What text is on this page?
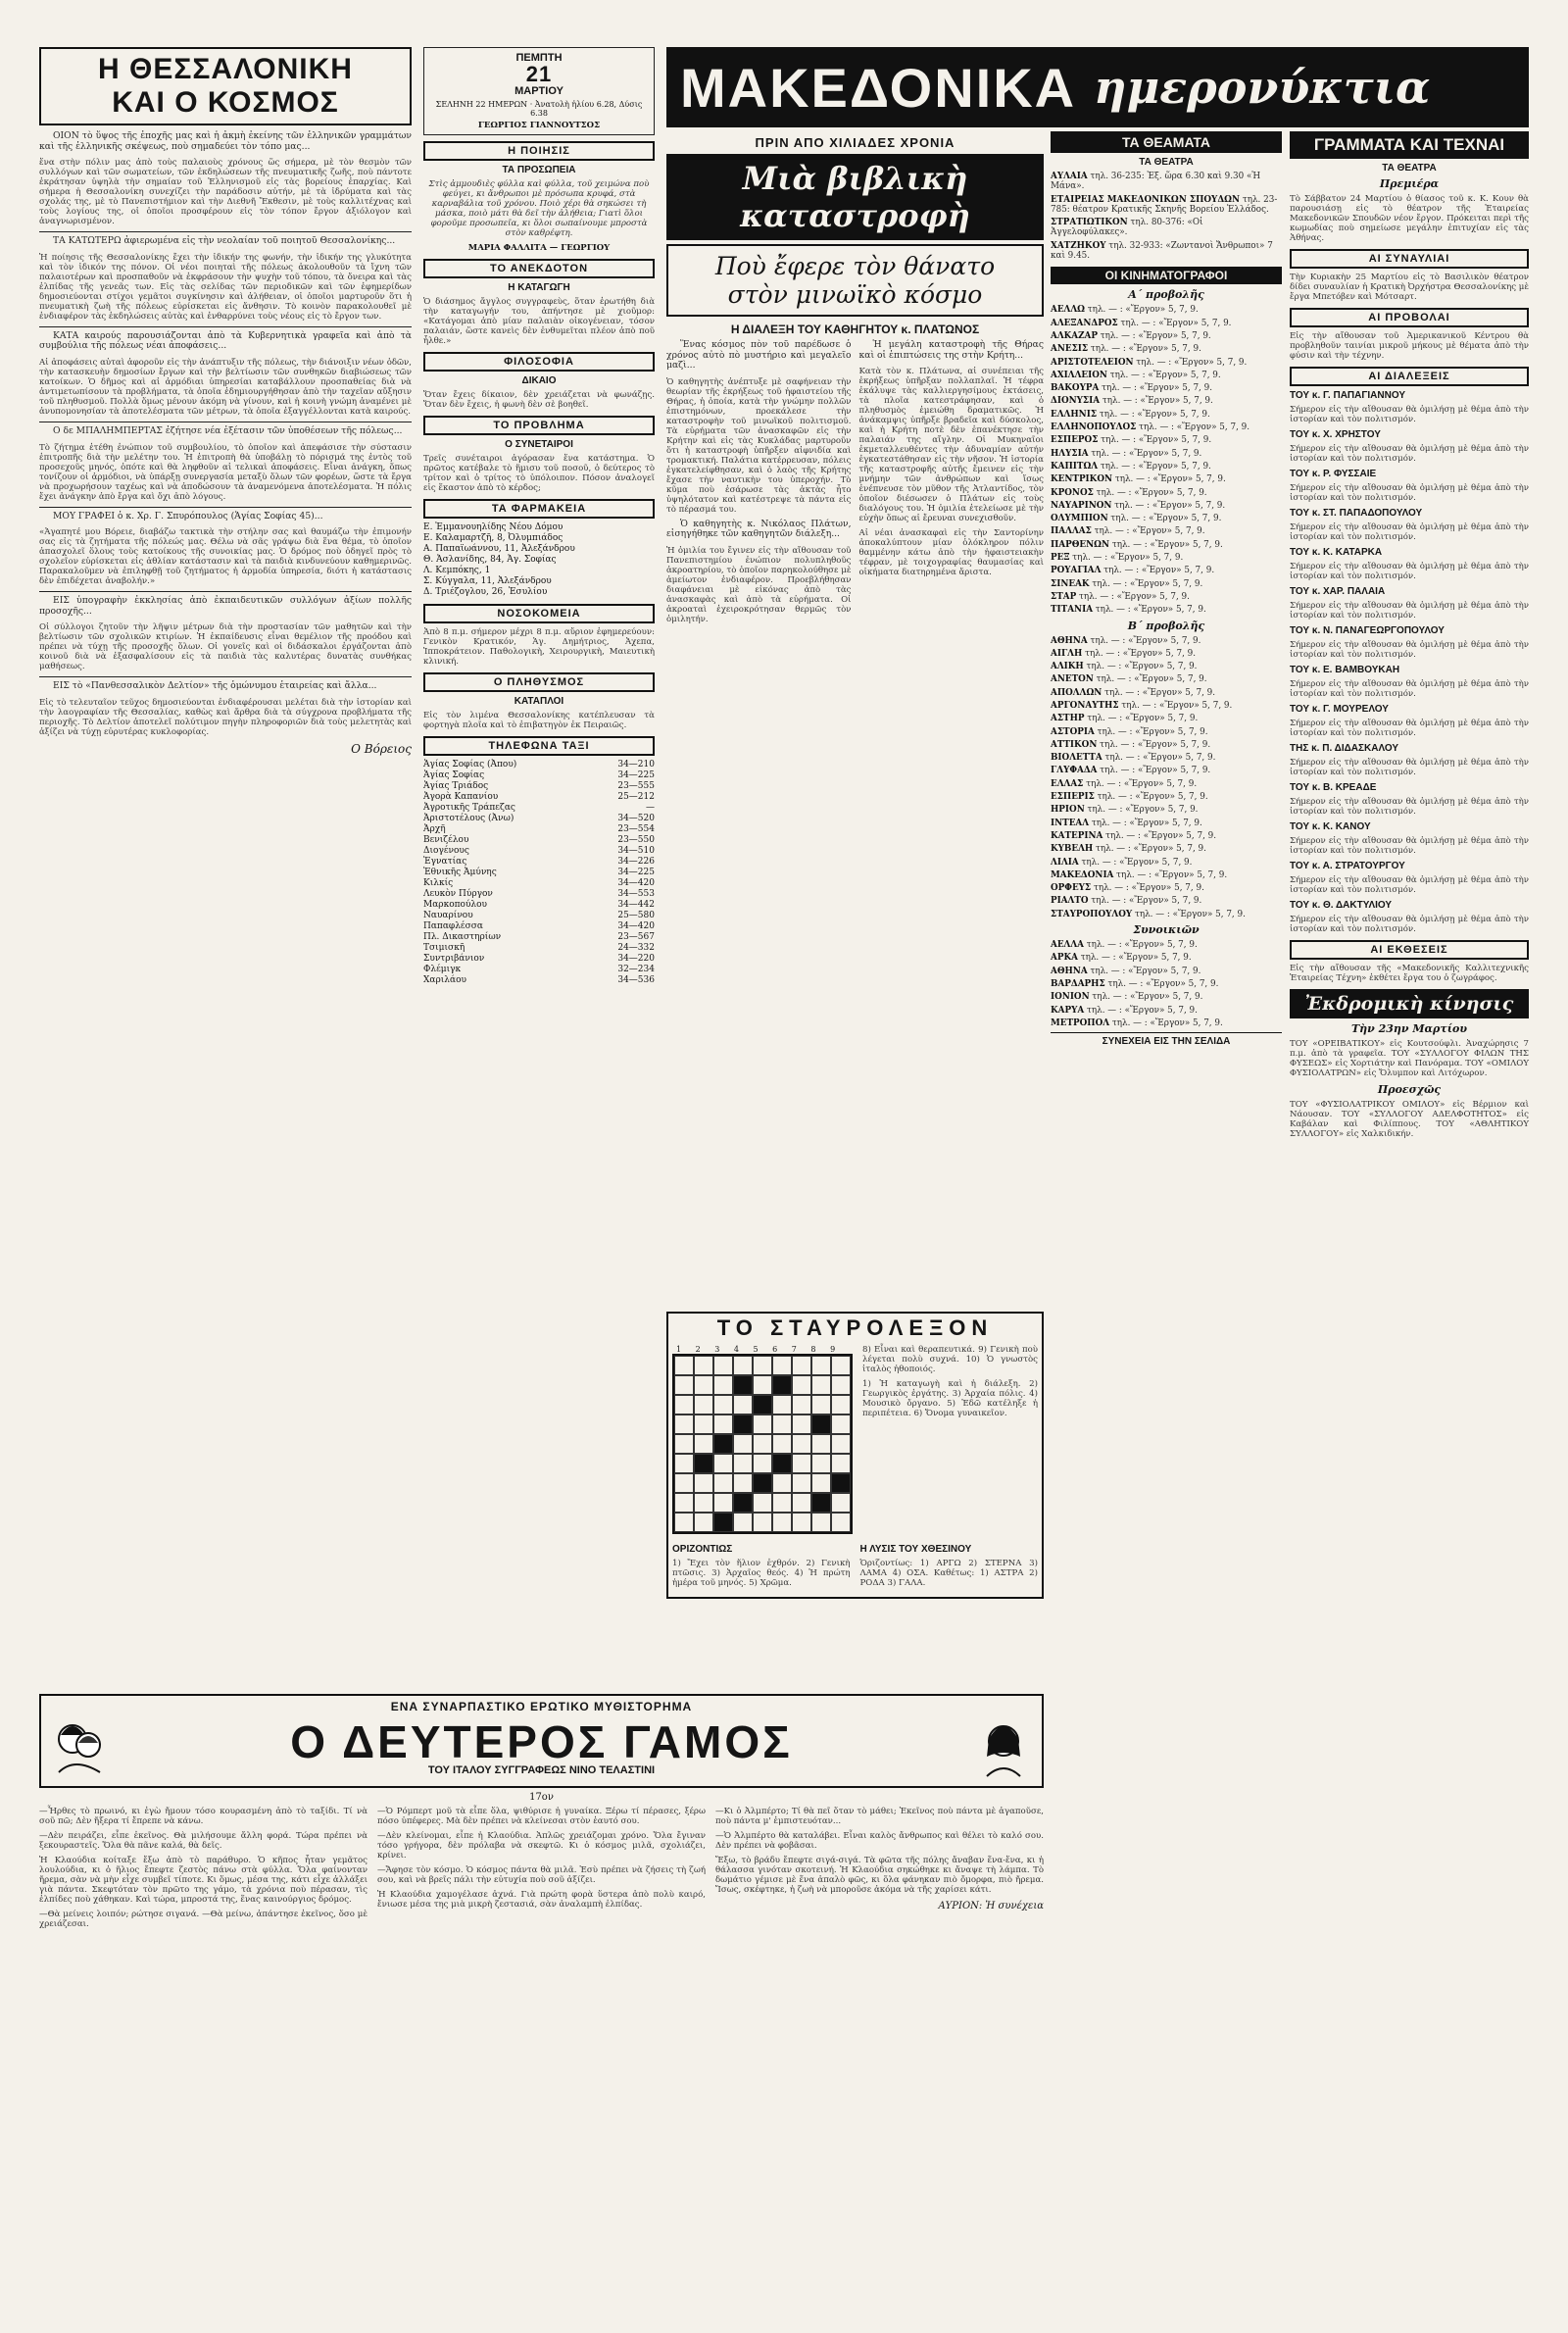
Η ΘΕΣΣΑΛΟΝΙΚΗ
ΚΑΙ Ο ΚΟΣΜΟΣ

ΟΙΟΝ τὸ ὕψος τῆς ἐποχῆς μας καὶ ἡ ἀκμὴ ἐκείνης τῶν ἑλληνικῶν γραμμάτων καὶ τῆς ἑλληνικῆς σκέψεως, ποὺ σημαδεύει τὸν τόπο μας...

ἕνα στὴν πόλιν μας ἀπὸ τοὺς παλαιοὺς χρόνους ὥς σήμερα, μὲ τὸν θεσμὸν τῶν συλλόγων καὶ τῶν σωματείων, τῶν ἐκδηλώσεων τῆς πνευματικῆς ζωῆς, ποὺ πάντοτε ἐκράτησαν ὑψηλὰ τὴν σημαίαν τοῦ Ἑλληνισμοῦ εἰς τὰς βορείους ἐπαρχίας. Καὶ σήμερα ἡ Θεσσαλονίκη συνεχίζει τὴν παράδοσιν αὐτήν, μὲ τὰ ἱδρύματα καὶ τὰς σχολάς της, μὲ τὸ Πανεπιστήμιον καὶ τὴν Διεθνῆ Ἔκθεσιν, μὲ τοὺς καλλιτέχνας καὶ τοὺς λογίους της, οἱ ὁποῖοι προσφέρουν εἰς τὸν τόπον ἔργον ἀξιόλογον καὶ ἀναγνωρισμένον.

ΤΑ ΚΑΤΩΤΕΡΩ ἀφιερωμένα εἰς τὴν νεολαίαν τοῦ ποιητοῦ Θεσσαλονίκης...

Ἡ ποίησις τῆς Θεσσαλονίκης ἔχει τὴν ἰδικήν της φωνήν, τὴν ἰδικήν της γλυκύτητα καὶ τὸν ἰδικόν της πόνον. Οἱ νέοι ποιηταὶ τῆς πόλεως ἀκολουθοῦν τὰ ἴχνη τῶν παλαιοτέρων καὶ προσπαθοῦν νὰ ἐκφράσουν τὴν ψυχὴν τοῦ τόπου, τὰ ὄνειρα καὶ τὰς ἐλπίδας τῆς γενεᾶς των. Εἰς τὰς σελίδας τῶν περιοδικῶν καὶ τῶν ἐφημερίδων δημοσιεύονται στίχοι γεμᾶτοι συγκίνησιν καὶ ἀλήθειαν, οἱ ὁποῖοι μαρτυροῦν ὅτι ἡ πνευματικὴ ζωὴ τῆς πόλεως εὑρίσκεται εἰς ἄνθησιν. Τὸ κοινὸν παρακολουθεῖ μὲ ἐνδιαφέρον τὰς ἐκδηλώσεις αὐτὰς καὶ ἐνθαρρύνει τοὺς νέους εἰς τὸ ἔργον των.

ΚΑΤΑ καιρούς παρουσιάζονται ἀπὸ τὰ Κυβερνητικὰ γραφεῖα καὶ ἀπὸ τὰ συμβούλια τῆς πόλεως νέαι ἀποφάσεις...

Αἱ ἀποφάσεις αὐταὶ ἀφοροῦν εἰς τὴν ἀνάπτυξιν τῆς πόλεως, τὴν διάνοιξιν νέων ὁδῶν, τὴν κατασκευὴν δημοσίων ἔργων καὶ τὴν βελτίωσιν τῶν συνθηκῶν διαβιώσεως τῶν κατοίκων. Ὁ δῆμος καὶ αἱ ἀρμόδιαι ὑπηρεσίαι καταβάλλουν προσπαθείας διὰ νὰ ἀντιμετωπίσουν τὰ προβλήματα, τὰ ὁποῖα ἐδημιουργήθησαν ἀπὸ τὴν ταχεῖαν αὔξησιν τοῦ πληθυσμοῦ. Πολλὰ ὅμως μένουν ἀκόμη νὰ γίνουν, καὶ ἡ κοινὴ γνώμη ἀναμένει μὲ ἀνυπομονησίαν τὰ ἀποτελέσματα τῶν μέτρων, τὰ ὁποῖα ἐξαγγέλλονται κατὰ καιρούς.

Ο δε ΜΠΑΛΗΜΠΕΡΤΑΣ ἐζήτησε νέα ἐξέτασιν τῶν ὑποθέσεων τῆς πόλεως...

Τὸ ζήτημα ἐτέθη ἐνώπιον τοῦ συμβουλίου, τὸ ὁποῖον καὶ ἀπεφάσισε τὴν σύστασιν ἐπιτροπῆς διὰ τὴν μελέτην του. Ἡ ἐπιτροπὴ θὰ ὑποβάλῃ τὸ πόρισμά της ἐντὸς τοῦ προσεχοῦς μηνός, ὁπότε καὶ θὰ ληφθοῦν αἱ τελικαὶ ἀποφάσεις. Εἶναι ἀνάγκη, ὅπως τονίζουν οἱ ἁρμόδιοι, νὰ ὑπάρξῃ συνεργασία μεταξὺ ὅλων τῶν φορέων, ὥστε τὰ ἔργα νὰ προχωρήσουν ταχέως καὶ νὰ ἀποδώσουν τὰ ἀναμενόμενα ἀποτελέσματα. Ἡ πόλις ἔχει ἀνάγκην ἀπὸ ἔργα καὶ ὄχι ἀπὸ λόγους.

ΜΟΥ ΓΡΑΦΕΙ ὁ κ. Χρ. Γ. Σπυρόπουλος (Ἁγίας Σοφίας 45)...

«Ἀγαπητέ μου Βόρειε, διαβάζω τακτικὰ τὴν στήλην σας καὶ θαυμάζω τὴν ἐπιμονήν σας εἰς τὰ ζητήματα τῆς πόλεώς μας. Θέλω νὰ σᾶς γράψω διὰ ἕνα θέμα, τὸ ὁποῖον ἀπασχολεῖ ὅλους τοὺς κατοίκους τῆς συνοικίας μας. Ὁ δρόμος ποὺ ὁδηγεῖ πρὸς τὸ σχολεῖον εὑρίσκεται εἰς ἀθλίαν κατάστασιν καὶ τὰ παιδιὰ κινδυνεύουν καθημερινῶς. Παρακαλοῦμεν νὰ ἐπιληφθῇ τοῦ ζητήματος ἡ ἁρμοδία ὑπηρεσία, διότι ἡ κατάστασις δὲν ἐπιδέχεται ἀναβολήν.»

ΕΙΣ ὑπογραφὴν ἐκκλησίας ἀπὸ ἐκπαιδευτικῶν συλλόγων ἀξίων πολλῆς προσοχῆς...

Οἱ σύλλογοι ζητοῦν τὴν λῆψιν μέτρων διὰ τὴν προστασίαν τῶν μαθητῶν καὶ τὴν βελτίωσιν τῶν σχολικῶν κτιρίων. Ἡ ἐκπαίδευσις εἶναι θεμέλιον τῆς προόδου καὶ πρέπει νὰ τύχῃ τῆς προσοχῆς ὅλων. Οἱ γονεῖς καὶ οἱ διδάσκαλοι ἐργάζονται ἀπὸ κοινοῦ διὰ νὰ ἐξασφαλίσουν εἰς τὰ παιδιὰ τὰς καλυτέρας δυνατὰς συνθήκας μαθήσεως.

ΕΙΣ τὸ «Πανθεσσαλικὸν Δελτίον» τῆς ὁμώνυμου ἑταιρείας καὶ ἄλλα...

Εἰς τὸ τελευταῖον τεῦχος δημοσιεύονται ἐνδιαφέρουσαι μελέται διὰ τὴν ἱστορίαν καὶ τὴν λαογραφίαν τῆς Θεσσαλίας, καθὼς καὶ ἄρθρα διὰ τὰ σύγχρονα προβλήματα τῆς περιοχῆς. Τὸ Δελτίον ἀποτελεῖ πολύτιμον πηγὴν πληροφοριῶν διὰ τοὺς μελετητὰς καὶ ἀξίζει νὰ τύχῃ εὐρυτέρας κυκλοφορίας.

Ο Βόρειος
ΠΕΜΠΤΗ
21
ΜΑΡΤΙΟΥ
ΣΕΛΗΝΗ 22 ΗΜΕΡΩΝ · Ἀνατολὴ ἡλίου 6.28, Δύσις 6.38
ΓΕΩΡΓΙΟΣ ΓΙΑΝΝΟΥΤΣΟΣ
Η ΠΟΙΗΣΙΣ
ΤΑ ΠΡΟΣΩΠΕΙΑ

Στὶς ἀμμουδιὲς φύλλα καὶ φύλλα, τοῦ χειμώνα ποὺ φεύγει, κι ἄνθρωποι μὲ πρόσωπα κρυφά, στὰ καρναβάλια τοῦ χρόνου. Ποιὸ χέρι θὰ σηκώσει τὴ μάσκα, ποιὸ μάτι θὰ δεῖ τὴν ἀλήθεια; Γιατὶ ὅλοι φοροῦμε προσωπεῖα, κι ὅλοι σωπαίνουμε μπροστὰ στὸν καθρέφτη.

ΜΑΡΙΑ ΦΑΛΛΙΤΑ — ΓΕΩΡΓΙΟΥ
ΤΟ ΑΝΕΚΔΟΤΟΝ
Η ΚΑΤΑΓΩΓΗ

Ὁ διάσημος ἄγγλος συγγραφεὺς, ὅταν ἐρωτήθη διὰ τὴν καταγωγήν του, ἀπήντησε μὲ χιοῦμορ: «Κατάγομαι ἀπὸ μίαν παλαιὰν οἰκογένειαν, τόσον παλαιάν, ὥστε κανεὶς δὲν ἐνθυμεῖται πλέον ἀπὸ ποῦ ἦλθε.»

ΦΙΛΟΣΟΦΙΑ
ΔΙΚΑΙΟ

Ὅταν ἔχεις δίκαιον, δὲν χρειάζεται νὰ φωνάζῃς. Ὅταν δὲν ἔχεις, ἡ φωνὴ δὲν σὲ βοηθεῖ.

ΤΟ ΠΡΟΒΛΗΜΑ
Ο ΣΥΝΕΤΑΙΡΟΙ

Τρεῖς συνέταιροι ἀγόρασαν ἕνα κατάστημα. Ὁ πρῶτος κατέβαλε τὸ ἥμισυ τοῦ ποσοῦ, ὁ δεύτερος τὸ τρίτον καὶ ὁ τρίτος τὸ ὑπόλοιπον. Πόσον ἀναλογεῖ εἰς ἕκαστον ἀπὸ τὸ κέρδος;

ΤΑ ΦΑΡΜΑΚΕΙΑ
Ε. Ἐμμανουηλίδης Νέου Δόμου
Ε. Καλαμαρτζῆ, 8, Ὀλυμπιάδος
Α. Παπαϊωάννου, 11, Ἀλεξάνδρου
Θ. Ἀσλανίδης, 84, Ἀγ. Σοφίας
Λ. Κεμπόκης, 1
Σ. Κύγγαλα, 11, Ἀλεξάνδρου
Δ. Τριέζογλου, 26, Ἐσυλίου
ΝΟΣΟΚΟΜΕΙΑ

Ἀπὸ 8 π.μ. σήμερον μέχρι 8 π.μ. αὔριον ἐφημερεύουν: Γενικὸν Κρατικόν, Ἁγ. Δημήτριος, Ἀχεπα, Ἱπποκράτειον. Παθολογικὴ, Χειρουργικὴ, Μαιευτικὴ κλινική.

Ο ΠΛΗΘΥΣΜΟΣ
ΚΑΤΑΠΛΟΙ

Εἰς τὸν λιμένα Θεσσαλονίκης κατέπλευσαν τὰ φορτηγὰ πλοῖα καὶ τὸ ἐπιβατηγὸν ἐκ Πειραιῶς.

ΤΗΛΕΦΩΝΑ ΤΑΞΙ
Ἁγίας Σοφίας (Ἀπου)	34—210
Ἁγίας Σοφίας	34—225
Ἁγίας Τριάδος	23—555
Ἀγορὰ Καπανίου	25—212
Ἀγροτικῆς Τράπεζας	—
Ἀριστοτέλους (Ἀνω)	34—520
Ἀρχῆ	23—554
Βενιζέλου	23—550
Διογένους	34—510
Ἐγνατίας	34—226
Ἐθνικῆς Ἀμύνης	34—225
Κιλκίς	34—420
Λευκὸν Πύργον	34—553
Μαρκοπούλου	34—442
Ναυαρίνου	25—580
Παπαφλέσσα	34—420
Πλ. Δικαστηρίων	23—567
Τσιμισκῆ	24—332
Συντριβάνιον	34—220
Φλέμιγκ	32—234
Χαριλάου	34—536
ΜΑΚΕΔΟΝΙΚΑ ημερονύκτια
ΠΡΙΝ ΑΠΟ ΧΙΛΙΑΔΕΣ ΧΡΟΝΙΑ
Μιὰ βιβλικὴ καταστροφὴ
Ποὺ ἔφερε τὸν θάνατο
στὸν μινωϊκὸ κόσμο
Η ΔΙΑΛΕΞΗ ΤΟΥ ΚΑΘΗΓΗΤΟΥ κ. ΠΛΑΤΩΝΟΣ

Ἕνας κόσμος πὸν τοῦ παρέδωσε ὁ χρόνος αὐτὸ πὸ μυστήριο καὶ μεγαλεῖο μαζὶ...

Ὁ καθηγητὴς ἀνέπτυξε μὲ σαφήνειαν τὴν θεωρίαν τῆς ἐκρήξεως τοῦ ἡφαιστείου τῆς Θήρας, ἡ ὁποία, κατὰ τὴν γνώμην πολλῶν ἐπιστημόνων, προεκάλεσε τὴν καταστροφὴν τοῦ μινωϊκοῦ πολιτισμοῦ. Τὰ εὑρήματα τῶν ἀνασκαφῶν εἰς τὴν Κρήτην καὶ εἰς τὰς Κυκλάδας μαρτυροῦν ὅτι ἡ καταστροφὴ ὑπῆρξεν αἰφνιδία καὶ τρομακτική. Παλάτια κατέρρευσαν, πόλεις ἐγκατελείφθησαν, καὶ ὁ λαὸς τῆς Κρήτης ἔχασε τὴν ναυτικὴν του ὑπεροχήν. Τὸ κῦμα ποὺ ἐσάρωσε τὰς ἀκτὰς ἦτο ὑψηλότατον καὶ κατέστρεψε τὰ πάντα εἰς τὸ πέρασμά του.

Ὁ καθηγητὴς κ. Νικόλαος Πλάτων, εἰσηγήθηκε τῶν καθηγητῶν διάλεξη...

Ἡ ὁμιλία του ἔγινεν εἰς τὴν αἴθουσαν τοῦ Πανεπιστημίου ἐνώπιον πολυπληθοῦς ἀκροατηρίου, τὸ ὁποῖον παρηκολούθησε μὲ ἀμείωτον ἐνδιαφέρον. Προεβλήθησαν διαφάνειαι μὲ εἰκόνας ἀπὸ τὰς ἀνασκαφὰς καὶ ἀπὸ τὰ εὑρήματα. Οἱ ἀκροαταὶ ἐχειροκρότησαν θερμῶς τὸν ὁμιλητήν.

Ἡ μεγάλη καταστροφὴ τῆς Θήρας καὶ οἱ ἐπιπτώσεις της στὴν Κρήτη...

Κατὰ τὸν κ. Πλάτωνα, αἱ συνέπειαι τῆς ἐκρήξεως ὑπῆρξαν πολλαπλαῖ. Ἡ τέφρα ἐκάλυψε τὰς καλλιεργησίμους ἐκτάσεις, τὰ πλοῖα κατεστράφησαν, καὶ ὁ πληθυσμὸς ἐμειώθη δραματικῶς. Ἡ ἀνάκαμψις ὑπῆρξε βραδεῖα καὶ δύσκολος, καὶ ἡ Κρήτη ποτὲ δὲν ἐπανέκτησε τὴν παλαιάν της αἴγλην. Οἱ Μυκηναῖοι ἐκμεταλλευθέντες τὴν ἀδυναμίαν αὐτήν ἐγκατεστάθησαν εἰς τὴν νῆσον. Ἡ ἱστορία τῆς καταστροφῆς αὐτῆς ἔμεινεν εἰς τὴν μνήμην τῶν ἀνθρώπων καὶ ἴσως ἐνέπνευσε τὸν μῦθον τῆς Ἀτλαντίδος, τὸν ὁποῖον διέσωσεν ὁ Πλάτων εἰς τοὺς διαλόγους του. Ἡ ὁμιλία ἐτελείωσε μὲ τὴν εὐχὴν ὅπως αἱ ἔρευναι συνεχισθοῦν.

Αἱ νέαι ἀνασκαφαὶ εἰς τὴν Σαντορίνην ἀποκαλύπτουν μίαν ὁλόκληρον πόλιν θαμμένην κάτω ἀπὸ τὴν ἡφαιστειακὴν τέφραν, μὲ τοιχογραφίας θαυμασίας καὶ οἰκήματα διατηρημένα ἄριστα.

ΤΟ ΣΤΑΥΡΟΛΕΞΟΝ
1 2 3 4 5 6 7 8 9	8) Εἶναι καὶ θεραπευτικά. 9) Γενικὴ ποὺ λέγεται πολὺ συχνά. 10) Ὁ γνωστὸς ἰταλὸς ἠθοποιός.

1) Ἡ καταγωγὴ καὶ ἡ διάλεξη. 2) Γεωργικὸς ἐργάτης. 3) Ἀρχαία πόλις. 4) Μουσικὸ ὄργανο. 5) Ἐδῶ κατέληξε ἡ περιπέτεια. 6) Ὄνομα γυναικεῖον.

ΟΡΙΖΟΝΤΙΩΣ

1) Ἔχει τὸν ἥλιον ἐχθρόν. 2) Γενικὴ πτῶσις. 3) Ἀρχαῖος θεός. 4) Ἡ πρώτη ἡμέρα τοῦ μηνός. 5) Χρῶμα.

Η ΛΥΣΙΣ ΤΟΥ ΧΘΕΣΙΝΟΥ

Ὁριζοντίως: 1) ΑΡΓΩ 2) ΣΤΕΡΝΑ 3) ΛΑΜΑ 4) ΟΣΑ. Καθέτως: 1) ΑΣΤΡΑ 2) ΡΟΔΑ 3) ΓΑΛΑ.

ΤΑ ΘΕΑΜΑΤΑ
ΤΑ ΘΕΑΤΡΑ

ΑΥΛΑΙΑ τηλ. 36-235: Ἐξ. ὥρα 6.30 καὶ 9.30 «Ἡ Μάνα».

ΕΤΑΙΡΕΙΑΣ ΜΑΚΕΔΟΝΙΚΩΝ ΣΠΟΥΔΩΝ τηλ. 23-785: θέατρον Κρατικῆς Σκηνῆς Βορείου Ἑλλάδος.

ΣΤΡΑΤΙΩΤΙΚΟΝ τηλ. 80-376: «Οἱ Ἀγγελοφύλακες».

ΧΑΤΖΗΚΟΥ τηλ. 32-933: «Ζωντανοὶ Ἄνθρωποι» 7 καὶ 9.45.

ΟΙ ΚΙΝΗΜΑΤΟΓΡΑΦΟΙ
Α΄ προβολῆς

ΑΕΛΛΩ τηλ. — : «Ἔργον» 5, 7, 9.

ΑΛΕΞΑΝΔΡΟΣ τηλ. — : «Ἔργον» 5, 7, 9.

ΑΛΚΑΖΑΡ τηλ. — : «Ἔργον» 5, 7, 9.

ΑΝΕΣΙΣ τηλ. — : «Ἔργον» 5, 7, 9.

ΑΡΙΣΤΟΤΕΛΕΙΟΝ τηλ. — : «Ἔργον» 5, 7, 9.

ΑΧΙΛΛΕΙΟΝ τηλ. — : «Ἔργον» 5, 7, 9.

ΒΑΚΟΥΡΑ τηλ. — : «Ἔργον» 5, 7, 9.

ΔΙΟΝΥΣΙΑ τηλ. — : «Ἔργον» 5, 7, 9.

ΕΛΛΗΝΙΣ τηλ. — : «Ἔργον» 5, 7, 9.

ΕΛΛΗΝΟΠΟΥΛΟΣ τηλ. — : «Ἔργον» 5, 7, 9.

ΕΣΠΕΡΟΣ τηλ. — : «Ἔργον» 5, 7, 9.

ΗΛΥΣΙΑ τηλ. — : «Ἔργον» 5, 7, 9.

ΚΑΠΙΤΩΛ τηλ. — : «Ἔργον» 5, 7, 9.

ΚΕΝΤΡΙΚΟΝ τηλ. — : «Ἔργον» 5, 7, 9.

ΚΡΟΝΟΣ τηλ. — : «Ἔργον» 5, 7, 9.

ΝΑΥΑΡΙΝΟΝ τηλ. — : «Ἔργον» 5, 7, 9.

ΟΛΥΜΠΙΟΝ τηλ. — : «Ἔργον» 5, 7, 9.

ΠΑΛΛΑΣ τηλ. — : «Ἔργον» 5, 7, 9.

ΠΑΡΘΕΝΩΝ τηλ. — : «Ἔργον» 5, 7, 9.

ΡΕΞ τηλ. — : «Ἔργον» 5, 7, 9.

ΡΟΥΑΓΙΑΛ τηλ. — : «Ἔργον» 5, 7, 9.

ΣΙΝΕΑΚ τηλ. — : «Ἔργον» 5, 7, 9.

ΣΤΑΡ τηλ. — : «Ἔργον» 5, 7, 9.

ΤΙΤΑΝΙΑ τηλ. — : «Ἔργον» 5, 7, 9.

Β΄ προβολῆς

ΑΘΗΝΑ τηλ. — : «Ἔργον» 5, 7, 9.

ΑΙΓΛΗ τηλ. — : «Ἔργον» 5, 7, 9.

ΑΛΙΚΗ τηλ. — : «Ἔργον» 5, 7, 9.

ΑΝΕΤΟΝ τηλ. — : «Ἔργον» 5, 7, 9.

ΑΠΟΛΛΩΝ τηλ. — : «Ἔργον» 5, 7, 9.

ΑΡΓΟΝΑΥΤΗΣ τηλ. — : «Ἔργον» 5, 7, 9.

ΑΣΤΗΡ τηλ. — : «Ἔργον» 5, 7, 9.

ΑΣΤΟΡΙΑ τηλ. — : «Ἔργον» 5, 7, 9.

ΑΤΤΙΚΟΝ τηλ. — : «Ἔργον» 5, 7, 9.

ΒΙΟΛΕΤΤΑ τηλ. — : «Ἔργον» 5, 7, 9.

ΓΛΥΦΑΔΑ τηλ. — : «Ἔργον» 5, 7, 9.

ΕΛΛΑΣ τηλ. — : «Ἔργον» 5, 7, 9.

ΕΣΠΕΡΙΣ τηλ. — : «Ἔργον» 5, 7, 9.

ΗΡΙΟΝ τηλ. — : «Ἔργον» 5, 7, 9.

ΙΝΤΕΑΛ τηλ. — : «Ἔργον» 5, 7, 9.

ΚΑΤΕΡΙΝΑ τηλ. — : «Ἔργον» 5, 7, 9.

ΚΥΒΕΛΗ τηλ. — : «Ἔργον» 5, 7, 9.

ΛΙΛΙΑ τηλ. — : «Ἔργον» 5, 7, 9.

ΜΑΚΕΔΟΝΙΑ τηλ. — : «Ἔργον» 5, 7, 9.

ΟΡΦΕΥΣ τηλ. — : «Ἔργον» 5, 7, 9.

ΡΙΑΛΤΟ τηλ. — : «Ἔργον» 5, 7, 9.

ΣΤΑΥΡΟΠΟΥΛΟΥ τηλ. — : «Ἔργον» 5, 7, 9.

Συνοικιῶν

ΑΕΛΛΑ τηλ. — : «Ἔργον» 5, 7, 9.

ΑΡΚΑ τηλ. — : «Ἔργον» 5, 7, 9.

ΑΘΗΝΑ τηλ. — : «Ἔργον» 5, 7, 9.

ΒΑΡΔΑΡΗΣ τηλ. — : «Ἔργον» 5, 7, 9.

ΙΟΝΙΟΝ τηλ. — : «Ἔργον» 5, 7, 9.

ΚΑΡΥΑ τηλ. — : «Ἔργον» 5, 7, 9.

ΜΕΤΡΟΠΟΛ τηλ. — : «Ἔργον» 5, 7, 9.

ΣΥΝΕΧΕΙΑ ΕΙΣ ΤΗΝ ΣΕΛΙΔΑ
ΓΡΑΜΜΑΤΑ ΚΑΙ ΤΕΧΝΑΙ
ΤΑ ΘΕΑΤΡΑ
Πρεμιέρα

Τὸ Σάββατον 24 Μαρτίου ὁ θίασος τοῦ κ. Κ. Κουν θὰ παρουσιάσῃ εἰς τὸ θέατρον τῆς Ἑταιρείας Μακεδονικῶν Σπουδῶν νέον ἔργον. Πρόκειται περὶ τῆς κωμωδίας ποὺ σημείωσε μεγάλην ἐπιτυχίαν εἰς τὰς Ἀθήνας.

ΑΙ ΣΥΝΑΥΛΙΑΙ

Τὴν Κυριακὴν 25 Μαρτίου εἰς τὸ Βασιλικὸν θέατρον δίδει συναυλίαν ἡ Κρατικὴ Ὀρχήστρα Θεσσαλονίκης μὲ ἔργα Μπετόβεν καὶ Μότσαρτ.

ΑΙ ΠΡΟΒΟΛΑΙ

Εἰς τὴν αἴθουσαν τοῦ Ἀμερικανικοῦ Κέντρου θὰ προβληθοῦν ταινίαι μικροῦ μήκους μὲ θέματα ἀπὸ τὴν φύσιν καὶ τὴν τέχνην.

ΑΙ ΔΙΑΛΕΞΕΙΣ
ΤΟΥ κ. Γ. ΠΑΠΑΓΙΑΝΝΟΥ

Σήμερον εἰς τὴν αἴθουσαν θὰ ὁμιλήσῃ μὲ θέμα ἀπὸ τὴν ἱστορίαν καὶ τὸν πολιτισμόν.

ΤΟΥ κ. Χ. ΧΡΗΣΤΟΥ

Σήμερον εἰς τὴν αἴθουσαν θὰ ὁμιλήσῃ μὲ θέμα ἀπὸ τὴν ἱστορίαν καὶ τὸν πολιτισμόν.

ΤΟΥ κ. Ρ. ΦΥΣΣΑΙΕ

Σήμερον εἰς τὴν αἴθουσαν θὰ ὁμιλήσῃ μὲ θέμα ἀπὸ τὴν ἱστορίαν καὶ τὸν πολιτισμόν.

ΤΟΥ κ. ΣΤ. ΠΑΠΑΔΟΠΟΥΛΟΥ

Σήμερον εἰς τὴν αἴθουσαν θὰ ὁμιλήσῃ μὲ θέμα ἀπὸ τὴν ἱστορίαν καὶ τὸν πολιτισμόν.

ΤΟΥ κ. Κ. ΚΑΤΑΡΚΑ

Σήμερον εἰς τὴν αἴθουσαν θὰ ὁμιλήσῃ μὲ θέμα ἀπὸ τὴν ἱστορίαν καὶ τὸν πολιτισμόν.

ΤΟΥ κ. ΧΑΡ. ΠΑΛΑΙΑ

Σήμερον εἰς τὴν αἴθουσαν θὰ ὁμιλήσῃ μὲ θέμα ἀπὸ τὴν ἱστορίαν καὶ τὸν πολιτισμόν.

ΤΟΥ κ. Ν. ΠΑΝΑΓΕΩΡΓΟΠΟΥΛΟΥ

Σήμερον εἰς τὴν αἴθουσαν θὰ ὁμιλήσῃ μὲ θέμα ἀπὸ τὴν ἱστορίαν καὶ τὸν πολιτισμόν.

ΤΟΥ κ. Ε. ΒΑΜΒΟΥΚΑΗ

Σήμερον εἰς τὴν αἴθουσαν θὰ ὁμιλήσῃ μὲ θέμα ἀπὸ τὴν ἱστορίαν καὶ τὸν πολιτισμόν.

ΤΟΥ κ. Γ. ΜΟΥΡΕΛΟΥ

Σήμερον εἰς τὴν αἴθουσαν θὰ ὁμιλήσῃ μὲ θέμα ἀπὸ τὴν ἱστορίαν καὶ τὸν πολιτισμόν.

ΤΗΣ κ. Π. ΔΙΔΑΣΚΑΛΟΥ

Σήμερον εἰς τὴν αἴθουσαν θὰ ὁμιλήσῃ μὲ θέμα ἀπὸ τὴν ἱστορίαν καὶ τὸν πολιτισμόν.

ΤΟΥ κ. Β. ΚΡΕΑΔΕ

Σήμερον εἰς τὴν αἴθουσαν θὰ ὁμιλήσῃ μὲ θέμα ἀπὸ τὴν ἱστορίαν καὶ τὸν πολιτισμόν.

ΤΟΥ κ. Κ. ΚΑΝΟΥ

Σήμερον εἰς τὴν αἴθουσαν θὰ ὁμιλήσῃ μὲ θέμα ἀπὸ τὴν ἱστορίαν καὶ τὸν πολιτισμόν.

ΤΟΥ κ. Α. ΣΤΡΑΤΟΥΡΓΟΥ

Σήμερον εἰς τὴν αἴθουσαν θὰ ὁμιλήσῃ μὲ θέμα ἀπὸ τὴν ἱστορίαν καὶ τὸν πολιτισμόν.

ΤΟΥ κ. Θ. ΔΑΚΤΥΛΙΟΥ

Σήμερον εἰς τὴν αἴθουσαν θὰ ὁμιλήσῃ μὲ θέμα ἀπὸ τὴν ἱστορίαν καὶ τὸν πολιτισμόν.

ΑΙ ΕΚΘΕΣΕΙΣ

Εἰς τὴν αἴθουσαν τῆς «Μακεδονικῆς Καλλιτεχνικῆς Ἑταιρείας Τέχνη» ἐκθέτει ἔργα του ὁ ζωγράφος.

Ἐκδρομικὴ κίνησις
Τὴν 23ην Μαρτίου

ΤΟΥ «ΟΡΕΙΒΑΤΙΚΟΥ» εἰς Κουτσούφλι. Ἀναχώρησις 7 π.μ. ἀπὸ τὰ γραφεῖα. ΤΟΥ «ΣΥΛΛΟΓΟΥ ΦΙΛΩΝ ΤΗΣ ΦΥΣΕΩΣ» εἰς Χορτιάτην καὶ Πανόραμα. ΤΟΥ «ΟΜΙΛΟΥ ΦΥΣΙΟΛΑΤΡΩΝ» εἰς Ὄλυμπον καὶ Λιτόχωρον.

Προεσχῶς

ΤΟΥ «ΦΥΣΙΟΛΑΤΡΙΚΟΥ ΟΜΙΛΟΥ» εἰς Βέρμιον καὶ Νάουσαν. ΤΟΥ «ΣΥΛΛΟΓΟΥ ΑΔΕΛΦΟΤΗΤΟΣ» εἰς Καβάλαν καὶ Φιλίππους. ΤΟΥ «ΑΘΛΗΤΙΚΟΥ ΣΥΛΛΟΓΟΥ» εἰς Χαλκιδικήν.

ΕΝΑ ΣΥΝΑΡΠΑΣΤΙΚΟ ΕΡΩΤΙΚΟ ΜΥΘΙΣΤΟΡΗΜΑ
Ο ΔΕΥΤΕΡΟΣ ΓΑΜΟΣ
ΤΟΥ ΙΤΑΛΟΥ ΣΥΓΓΡΑΦΕΩΣ ΝΙΝΟ ΤΕΛΑΣΤΙΝΙ
17ον

—Ἦρθες τὸ πρωινό, κι ἐγὼ ἤμουν τόσο κουρασμένη ἀπὸ τὸ ταξίδι. Τί νὰ σοῦ πῶ; Δὲν ἤξερα τί ἔπρεπε νὰ κάνω.

—Δὲν πειράζει, εἶπε ἐκεῖνος. Θὰ μιλήσουμε ἄλλη φορά. Τώρα πρέπει νὰ ξεκουραστεῖς. Ὅλα θὰ πᾶνε καλά, θὰ δεῖς.

Ἡ Κλαούδια κοίταξε ἔξω ἀπὸ τὸ παράθυρο. Ὁ κῆπος ἦταν γεμᾶτος λουλούδια, κι ὁ ἥλιος ἔπεφτε ζεστὸς πάνω στὰ φύλλα. Ὅλα φαίνονταν ἤρεμα, σὰν νὰ μὴν εἶχε συμβεῖ τίποτε. Κι ὅμως, μέσα της, κάτι εἶχε ἀλλάξει γιὰ πάντα. Σκεφτόταν τὸν πρῶτο της γάμο, τὰ χρόνια ποὺ πέρασαν, τὶς ἐλπίδες ποὺ χάθηκαν. Καὶ τώρα, μπροστά της, ἕνας καινούργιος δρόμος.

—Θὰ μείνεις λοιπόν; ρώτησε σιγανά. —Θὰ μείνω, ἀπάντησε ἐκεῖνος, ὅσο μὲ χρειάζεσαι.

—Ὁ Ρόμπερτ μοῦ τὰ εἶπε ὅλα, ψιθύρισε ἡ γυναίκα. Ξέρω τί πέρασες, ξέρω πόσο ὑπέφερες. Μὰ δὲν πρέπει νὰ κλείνεσαι στὸν ἑαυτό σου.

—Δὲν κλείνομαι, εἶπε ἡ Κλαούδια. Ἁπλῶς χρειάζομαι χρόνο. Ὅλα ἔγιναν τόσο γρήγορα, δὲν πρόλαβα νὰ σκεφτῶ. Κι ὁ κόσμος μιλᾶ, σχολιάζει, κρίνει.

—Ἄφησε τὸν κόσμο. Ὁ κόσμος πάντα θὰ μιλᾶ. Ἐσὺ πρέπει νὰ ζήσεις τὴ ζωή σου, καὶ νὰ βρεῖς πάλι τὴν εὐτυχία ποὺ σοῦ ἀξίζει.

Ἡ Κλαούδια χαμογέλασε ἀχνά. Γιὰ πρώτη φορὰ ὕστερα ἀπὸ πολὺ καιρό, ἔνιωσε μέσα της μιὰ μικρὴ ζεστασιά, σὰν ἀναλαμπὴ ἐλπίδας.

—Κι ὁ Ἀλμπέρτο; Τί θὰ πεῖ ὅταν τὸ μάθει; Ἐκεῖνος ποὺ πάντα μὲ ἀγαποῦσε, ποὺ πάντα μ' ἐμπιστευόταν...

—Ὁ Ἀλμπέρτο θὰ καταλάβει. Εἶναι καλὸς ἄνθρωπος καὶ θέλει τὸ καλό σου. Δὲν πρέπει νὰ φοβᾶσαι.

Ἔξω, τὸ βράδυ ἔπεφτε σιγά-σιγά. Τὰ φῶτα τῆς πόλης ἄναβαν ἕνα-ἕνα, κι ἡ θάλασσα γινόταν σκοτεινή. Ἡ Κλαούδια σηκώθηκε κι ἄναψε τὴ λάμπα. Τὸ δωμάτιο γέμισε μὲ ἕνα ἁπαλὸ φῶς, κι ὅλα φάνηκαν πιὸ ὄμορφα, πιὸ ἤρεμα. Ἴσως, σκέφτηκε, ἡ ζωὴ νὰ μποροῦσε ἀκόμα νὰ τῆς χαρίσει κάτι.

ΑΥΡΙΟΝ: Ἡ συνέχεια
